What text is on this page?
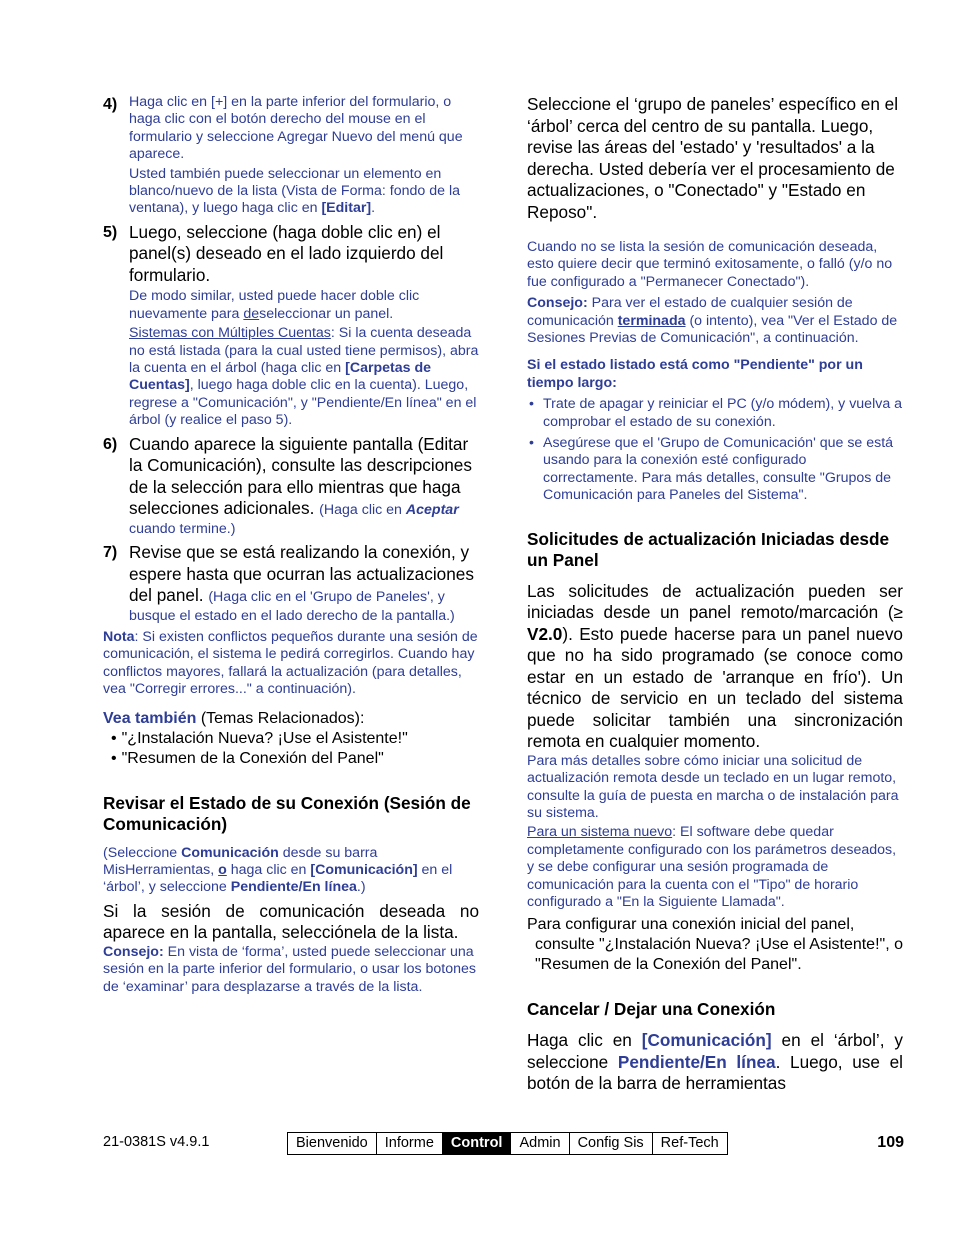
4) Haga clic en [+] en la parte inferior del formulario, o haga clic con el botón derecho del mouse en el formulario y seleccione Agregar Nuevo del menú que aparece.

Usted también puede seleccionar un elemento en blanco/nuevo de la lista (Vista de Forma: fondo de la ventana), y luego haga clic en [Editar].

5) Luego, seleccione (haga doble clic en) el panel(s) deseado en el lado izquierdo del formulario.

De modo similar, usted puede hacer doble clic nuevamente para deseleccionar un panel.

Sistemas con Múltiples Cuentas: Si la cuenta deseada no está listada (para la cual usted tiene permisos), abra la cuenta en el árbol (haga clic en [Carpetas de Cuentas], luego haga doble clic en la cuenta). Luego, regrese a "Comunicación", y "Pendiente/En línea" en el árbol (y realice el paso 5).

6) Cuando aparece la siguiente pantalla (Editar la Comunicación), consulte las descripciones de la selección para ello mientras que haga selecciones adicionales. (Haga clic en Aceptar cuando termine.)

7) Revise que se está realizando la conexión, y espere hasta que ocurran las actualizaciones del panel. (Haga clic en el 'Grupo de Paneles', y busque el estado en el lado derecho de la pantalla.)

Nota: Si existen conflictos pequeños durante una sesión de comunicación, el sistema le pedirá corregirlos. Cuando hay conflictos mayores, fallará la actualización (para detalles, vea "Corregir errores..." a continuación).

Vea también (Temas Relacionados):

• "¿Instalación Nueva? ¡Use el Asistente!"
• "Resumen de la Conexión del Panel"
Revisar el Estado de su Conexión (Sesión de Comunicación)

(Seleccione Comunicación desde su barra MisHerramientas, o haga clic en [Comunicación] en el ‘árbol’, y seleccione Pendiente/En línea.)

Si la sesión de comunicación deseada no aparece en la pantalla, selecciónela de la lista.

Consejo: En vista de ‘forma’, usted puede seleccionar una sesión en la parte inferior del formulario, o usar los botones de ‘examinar’ para desplazarse a través de la lista.

Seleccione el ‘grupo de paneles’ específico en el ‘árbol’ cerca del centro de su pantalla. Luego, revise las áreas del 'estado' y 'resultados' a la derecha. Usted debería ver el procesamiento de actualizaciones, o "Conectado" y "Estado en Reposo".

Cuando no se lista la sesión de comunicación deseada, esto quiere decir que terminó exitosamente, o falló (y/o no fue configurado a "Permanecer Conectado").

Consejo: Para ver el estado de cualquier sesión de comunicación terminada (o intento), vea "Ver el Estado de Sesiones Previas de Comunicación", a continuación.

Si el estado listado está como "Pendiente" por un tiempo largo:

• Trate de apagar y reiniciar el PC (y/o módem), y vuelva a comprobar el estado de su conexión.
• Asegúrese que el 'Grupo de Comunicación' que se está usando para la conexión esté configurado correctamente. Para más detalles, consulte "Grupos de Comunicación para Paneles del Sistema".
Solicitudes de actualización Iniciadas desde un Panel

Las solicitudes de actualización pueden ser iniciadas desde un panel remoto/marcación (≥ V2.0). Esto puede hacerse para un panel nuevo que no ha sido programado (se conoce como estar en un estado de 'arranque en frío'). Un técnico de servicio en un teclado del sistema puede solicitar también una sincronización remota en cualquier momento.

Para más detalles sobre cómo iniciar una solicitud de actualización remota desde un teclado en un lugar remoto, consulte la guía de puesta en marcha o de instalación para su sistema.

Para un sistema nuevo: El software debe quedar completamente configurado con los parámetros deseados, y se debe configurar una sesión programada de comunicación para la cuenta con el "Tipo" de horario configurado a "En la Siguiente Llamada".

Para configurar una conexión inicial del panel, consulte "¿Instalación Nueva? ¡Use el Asistente!", o "Resumen de la Conexión del Panel".

Cancelar / Dejar una Conexión

Haga clic en [Comunicación] en el ‘árbol’, y seleccione Pendiente/En línea. Luego, use el botón de la barra de herramientas

21-0381S v4.9.1	Bienvenido	Informe	Control	Admin	Config Sis	Ref-Tech	109
